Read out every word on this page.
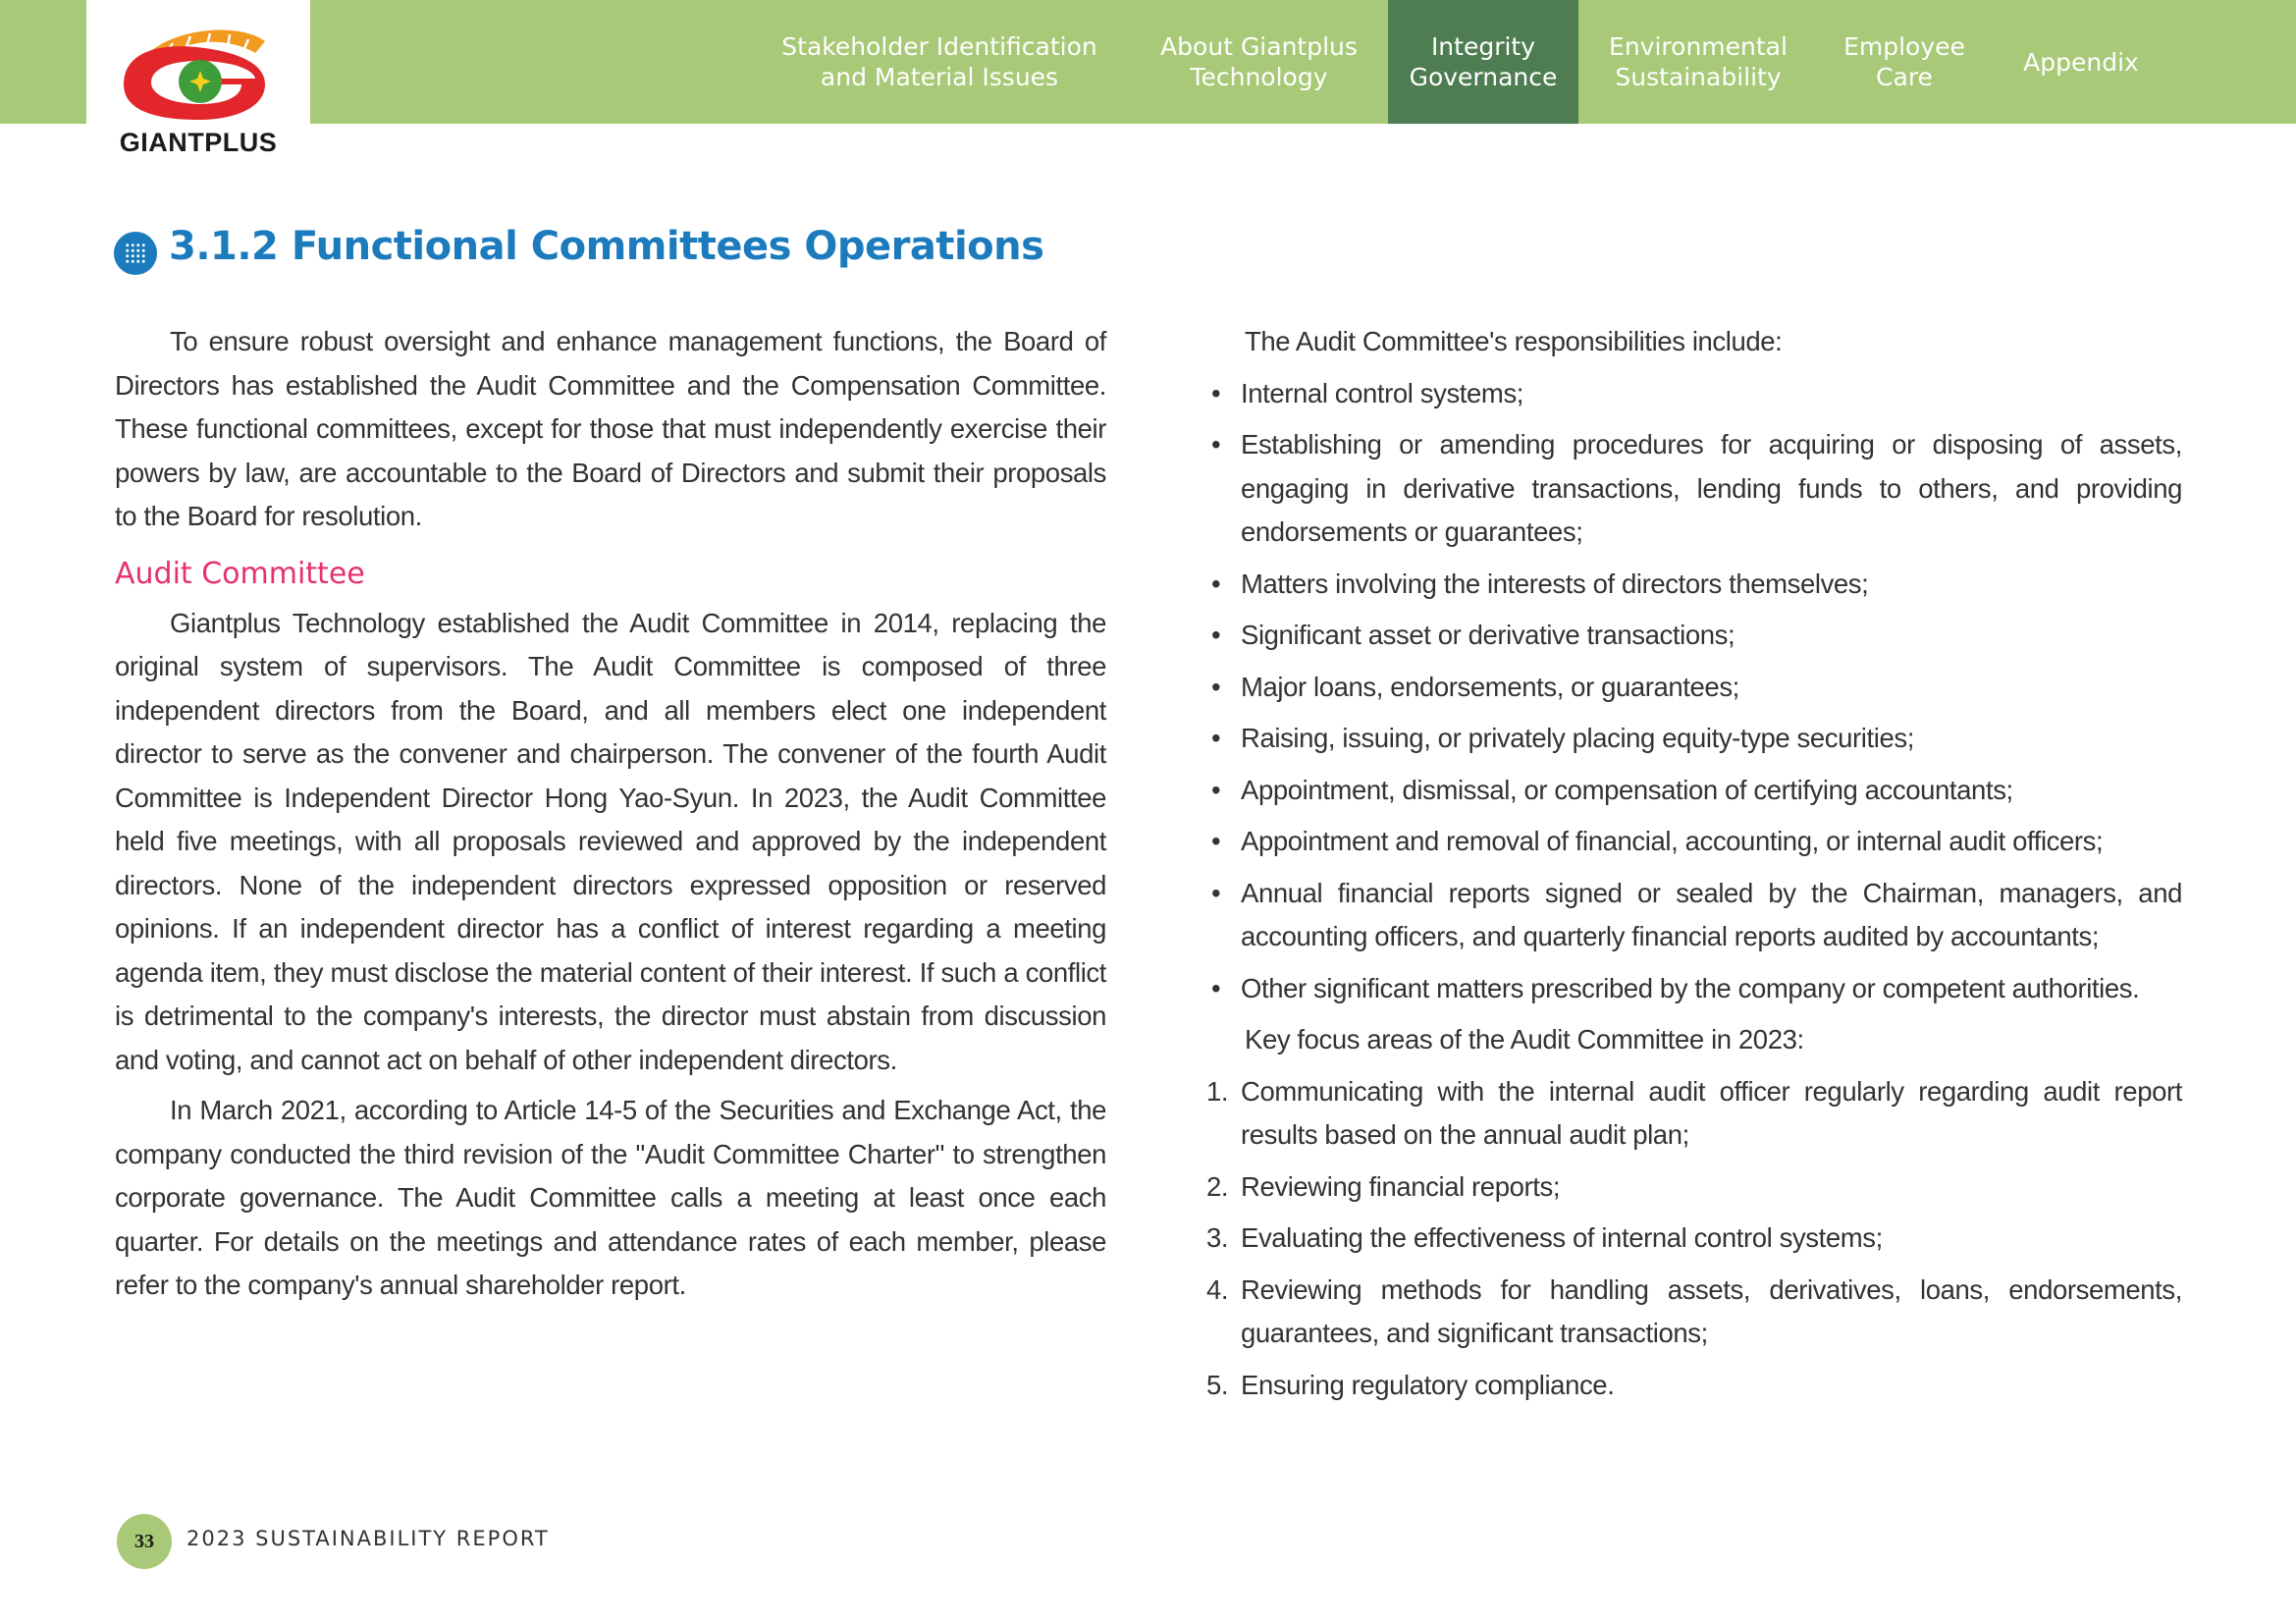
GIANTPLUS
Stakeholder Identification
and Material Issues
About Giantplus
Technology
Integrity
Governance
Environmental
Sustainability
Employee
Care
Appendix
3.1.2 Functional Committees Operations

To ensure robust oversight and enhance management functions, the Board of Directors has established the Audit Committee and the Compensation Committee. These functional committees, except for those that must independently exercise their powers by law, are accountable to the Board of Directors and submit their proposals to the Board for resolution.

Audit Committee

Giantplus Technology established the Audit Committee in 2014, replacing the original system of supervisors. The Audit Committee is composed of three independent directors from the Board, and all members elect one independent director to serve as the convener and chairperson. The convener of the fourth Audit Committee is Independent Director Hong Yao-Syun. In 2023, the Audit Committee held five meetings, with all proposals reviewed and approved by the independent directors. None of the independent directors expressed opposition or reserved opinions. If an independent director has a conflict of interest regarding a meeting agenda item, they must disclose the material content of their interest. If such a conflict is detrimental to the company's interests, the director must abstain from discussion and voting, and cannot act on behalf of other independent directors.

In March 2021, according to Article 14-5 of the Securities and Exchange Act, the company conducted the third revision of the "Audit Committee Charter" to strengthen corporate governance. The Audit Committee calls a meeting at least once each quarter. For details on the meetings and attendance rates of each member, please refer to the company's annual shareholder report.

The Audit Committee's responsibilities include:
• Internal control systems;
• Establishing or amending procedures for acquiring or disposing of assets, engaging in derivative transactions, lending funds to others, and providing endorsements or guarantees;
• Matters involving the interests of directors themselves;
• Significant asset or derivative transactions;
• Major loans, endorsements, or guarantees;
• Raising, issuing, or privately placing equity-type securities;
• Appointment, dismissal, or compensation of certifying accountants;
• Appointment and removal of financial, accounting, or internal audit officers;
• Annual financial reports signed or sealed by the Chairman, managers, and accounting officers, and quarterly financial reports audited by accountants;
• Other significant matters prescribed by the company or competent authorities.
Key focus areas of the Audit Committee in 2023:
1. Communicating with the internal audit officer regularly regarding audit report results based on the annual audit plan;
2. Reviewing financial reports;
3. Evaluating the effectiveness of internal control systems;
4. Reviewing methods for handling assets, derivatives, loans, endorsements, guarantees, and significant transactions;
5. Ensuring regulatory compliance.
33	2023 SUSTAINABILITY REPORT
